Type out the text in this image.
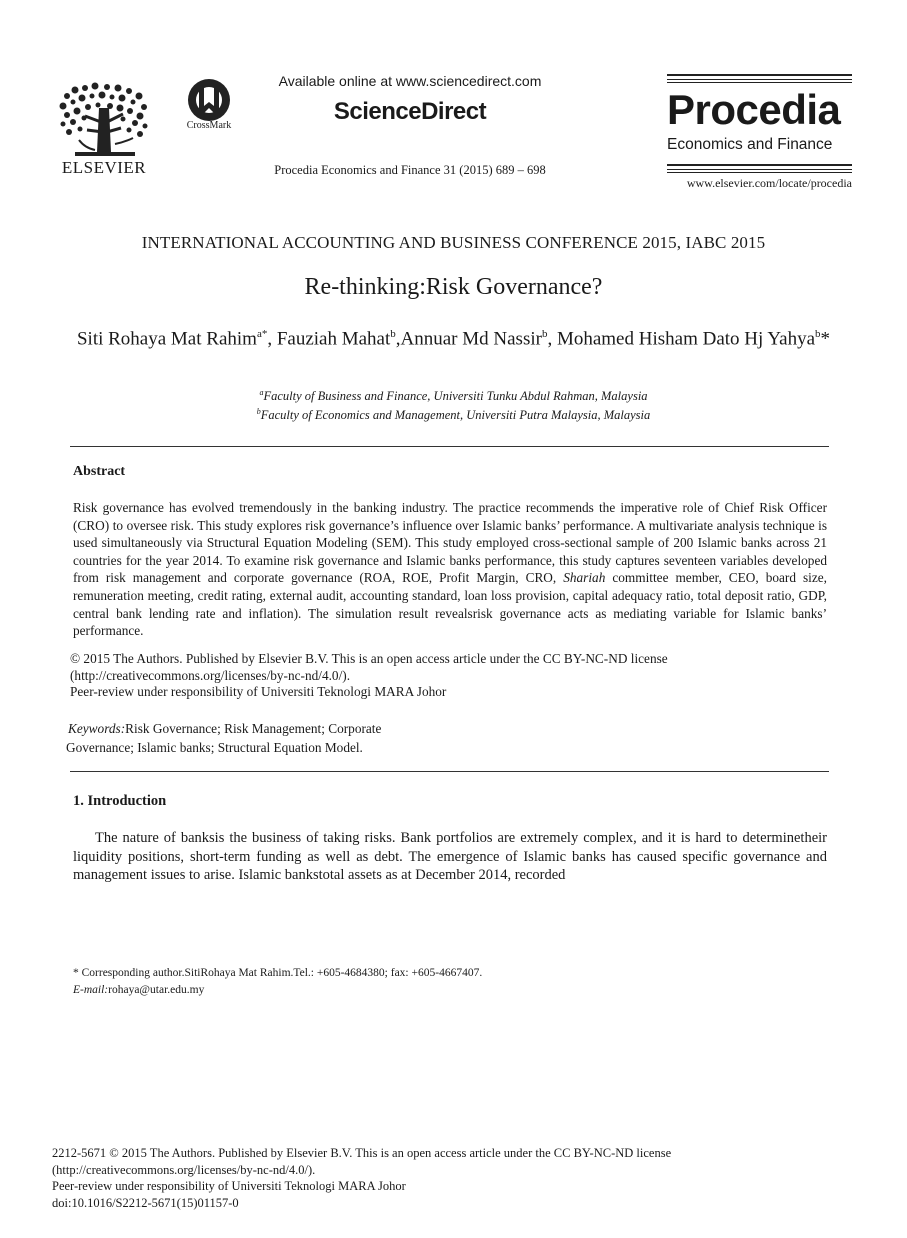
ELSEVIER
CrossMark
Available online at www.sciencedirect.com
ScienceDirect
Procedia Economics and Finance 31 (2015) 689 – 698
Procedia
Economics and Finance
www.elsevier.com/locate/procedia
INTERNATIONAL ACCOUNTING AND BUSINESS CONFERENCE 2015, IABC 2015
Re-thinking:Risk Governance?
Siti Rohaya Mat Rahim$^{a*}$, Fauziah Mahat$^b$,Annuar Md Nassir$^b$, Mohamed Hisham Dato Hj Yahya$^b$*
$^a$Faculty of Business and Finance, Universiti Tunku Abdul Rahman, Malaysia
$^b$Faculty of Economics and Management, Universiti Putra Malaysia, Malaysia
Abstract
Risk governance has evolved tremendously in the banking industry. The practice recommends the imperative role of Chief Risk Officer (CRO) to oversee risk. This study explores risk governance’s influence over Islamic banks’ performance. A multivariate analysis technique is used simultaneously via Structural Equation Modeling (SEM). This study employed cross-sectional sample of 200 Islamic banks across 21 countries for the year 2014. To examine risk governance and Islamic banks performance, this study captures seventeen variables developed from risk management and corporate governance (ROA, ROE, Profit Margin, CRO, Shariah committee member, CEO, board size, remuneration meeting, credit rating, external audit, accounting standard, loan loss provision, capital adequacy ratio, total deposit ratio, GDP, central bank lending rate and inflation). The simulation result revealsrisk governance acts as mediating variable for Islamic banks’ performance.
© 2015 The Authors. Published by Elsevier B.V. This is an open access article under the CC BY-NC-ND license
(http://creativecommons.org/licenses/by-nc-nd/4.0/).
Peer-review under responsibility of Universiti Teknologi MARA Johor
Keywords:Risk Governance; Risk Management; Corporate
Governance; Islamic banks; Structural Equation Model.
1. Introduction
The nature of banksis the business of taking risks. Bank portfolios are extremely complex, and it is hard to determinetheir liquidity positions, short-term funding as well as debt. The emergence of Islamic banks has caused specific governance and management issues to arise. Islamic bankstotal assets as at December 2014, recorded
* Corresponding author.SitiRohaya Mat Rahim.Tel.: +605-4684380; fax: +605-4667407.
E-mail:rohaya@utar.edu.my
2212-5671 © 2015 The Authors. Published by Elsevier B.V. This is an open access article under the CC BY-NC-ND license
(http://creativecommons.org/licenses/by-nc-nd/4.0/).
Peer-review under responsibility of Universiti Teknologi MARA Johor
doi:10.1016/S2212-5671(15)01157-0
